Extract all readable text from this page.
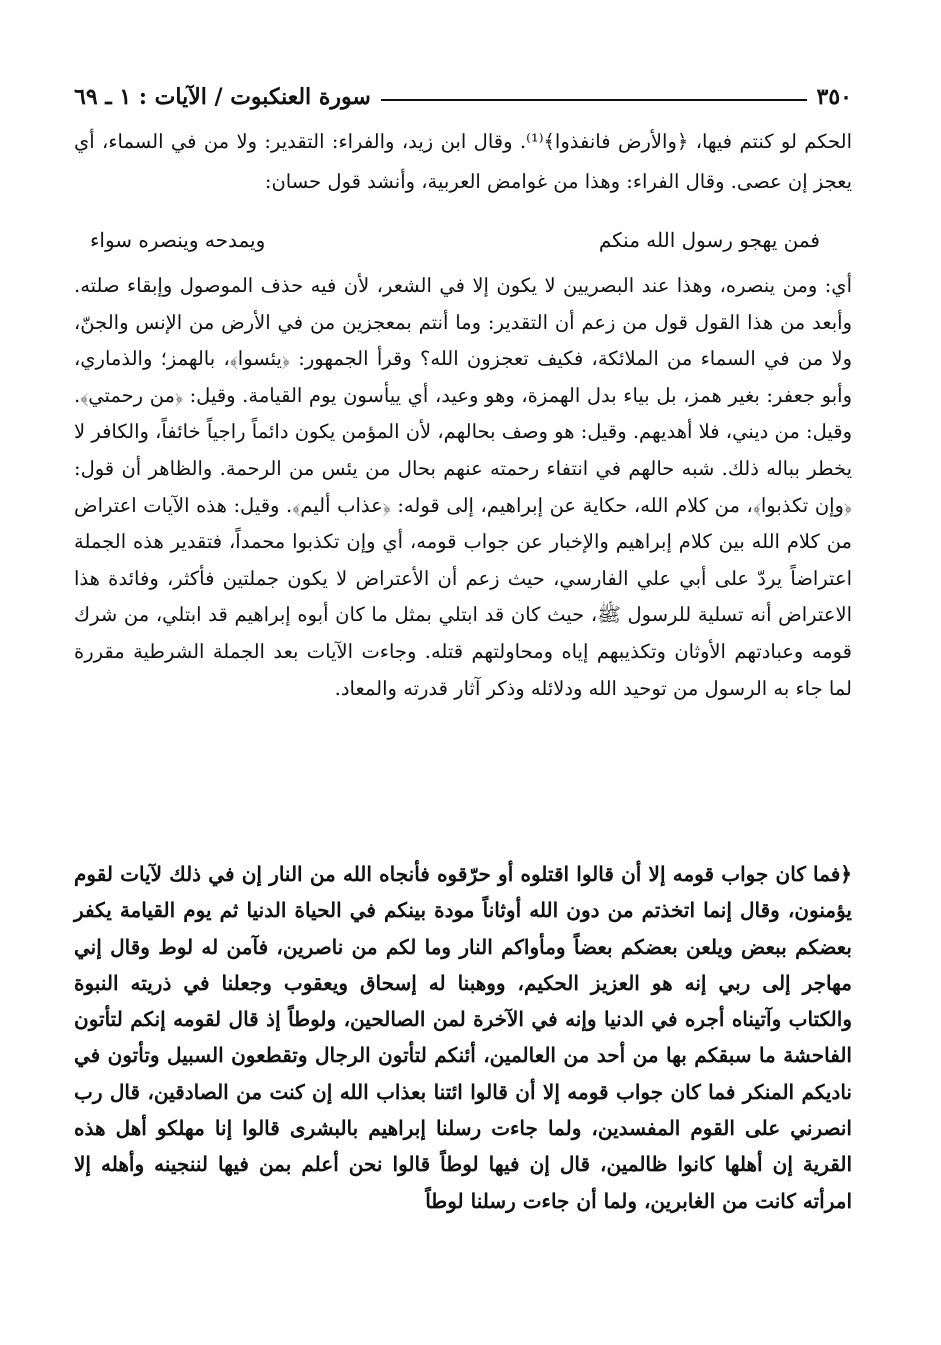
٣٥٠
سورة العنكبوت / الآيات : ١ ـ ٦٩

الحكم لو كنتم فيها، ﴿والأرض فانفذوا﴾⁽¹⁾. وقال ابن زيد، والفراء: التقدير: ولا من في السماء، أي يعجز إن عصى. وقال الفراء: وهذا من غوامض العربية، وأنشد قول حسان:

فمن يهجو رسول الله منكم
ويمدحه وينصره سواء

أي: ومن ينصره، وهذا عند البصريين لا يكون إلا في الشعر، لأن فيه حذف الموصول وإبقاء صلته. وأبعد من هذا القول قول من زعم أن التقدير: وما أنتم بمعجزين من في الأرض من الإنس والجنّ، ولا من في السماء من الملائكة، فكيف تعجزون الله؟ وقرأ الجمهور: ﴿يئسوا﴾، بالهمز؛ والذماري، وأبو جعفر: بغير همز، بل بياء بدل الهمزة، وهو وعيد، أي ييأسون يوم القيامة. وقيل: ﴿من رحمتي﴾. وقيل: من ديني، فلا أهديهم. وقيل: هو وصف بحالهم، لأن المؤمن يكون دائماً راجياً خائفاً، والكافر لا يخطر بباله ذلك. شبه حالهم في انتفاء رحمته عنهم بحال من يئس من الرحمة. والظاهر أن قول: ﴿وإن تكذبوا﴾، من كلام الله، حكاية عن إبراهيم، إلى قوله: ﴿عذاب أليم﴾. وقيل: هذه الآيات اعتراض من كلام الله بين كلام إبراهيم والإخبار عن جواب قومه، أي وإن تكذبوا محمداً، فتقدير هذه الجملة اعتراضاً يردّ على أبي علي الفارسي، حيث زعم أن الأعتراض لا يكون جملتين فأكثر، وفائدة هذا الاعتراض أنه تسلية للرسول ﷺ، حيث كان قد ابتلي بمثل ما كان أبوه إبراهيم قد ابتلي، من شرك قومه وعبادتهم الأوثان وتكذيبهم إياه ومحاولتهم قتله. وجاءت الآيات بعد الجملة الشرطية مقررة لما جاء به الرسول من توحيد الله ودلائله وذكر آثار قدرته والمعاد.

﴿فما كان جواب قومه إلا أن قالوا اقتلوه أو حرّقوه فأنجاه الله من النار إن في ذلك لآيات لقوم يؤمنون، وقال إنما اتخذتم من دون الله أوثاناً مودة بينكم في الحياة الدنيا ثم يوم القيامة يكفر بعضكم ببعض ويلعن بعضكم بعضاً ومأواكم النار وما لكم من ناصرين، فآمن له لوط وقال إني مهاجر إلى ربي إنه هو العزيز الحكيم، ووهبنا له إسحاق ويعقوب وجعلنا في ذريته النبوة والكتاب وآتيناه أجره في الدنيا وإنه في الآخرة لمن الصالحين، ولوطاً إذ قال لقومه إنكم لتأتون الفاحشة ما سبقكم بها من أحد من العالمين، أئنكم لتأتون الرجال وتقطعون السبيل وتأتون في ناديكم المنكر فما كان جواب قومه إلا أن قالوا ائتنا بعذاب الله إن كنت من الصادقين، قال رب انصرني على القوم المفسدين، ولما جاءت رسلنا إبراهيم بالبشرى قالوا إنا مهلكو أهل هذه القرية إن أهلها كانوا ظالمين، قال إن فيها لوطاً قالوا نحن أعلم بمن فيها لننجينه وأهله إلا امرأته كانت من الغابرين، ولما أن جاءت رسلنا لوطاً
